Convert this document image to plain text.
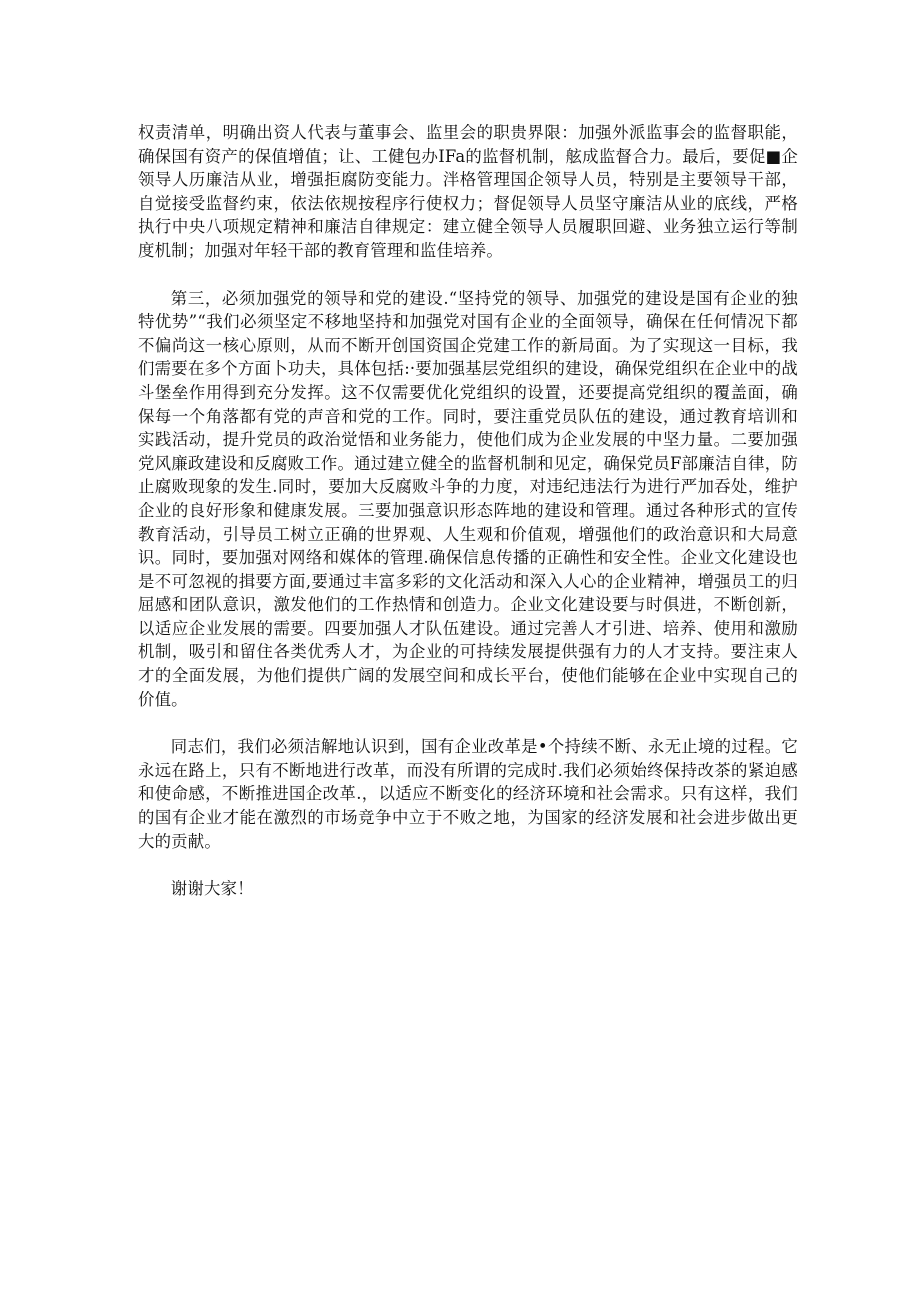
权责清单，明确出资人代表与董事会、监里会的职贵界限：加强外派监事会的监督职能，确保国有资产的保值增值；让、工健包办IFa的监督机制，舷成监督合力。最后，要促■企领导人历廉洁从业，增强拒腐防变能力。泮格管理国企领导人员，特别是主要领导干部，自觉接受监督约束，依法依规按程序行使权力；督促领导人员坚守廉洁从业的底线，严格执行中央八项规定精神和廉洁自律规定：建立健全领导人员履职回避、业务独立运行等制度机制；加强对年轻干部的教育管理和监佳培养。

第三，必须加强党的领导和党的建设.“坚持党的领导、加强党的建设是国有企业的独特优势”“我们必须坚定不移地坚持和加强党对国有企业的全面领导，确保在任何情况下都不偏尚这一核心原则，从而不断开创国资国企党建工作的新局面。为了实现这一目标，我们需要在多个方面卜功夫，具体包括:·要加强基层党组织的建设，确保党组织在企业中的战斗堡垒作用得到充分发挥。这不仅需要优化党组织的设置，还要提高党组织的覆盖面，确保每一个角落都有党的声音和党的工作。同时，要注重党员队伍的建设，通过教育培训和实践活动，提升党员的政治觉悟和业务能力，使他们成为企业发展的中坚力量。二要加强党风廉政建设和反腐败工作。通过建立健全的监督机制和见定，确保党员F部廉洁自律，防止腐败现象的发生.同时，要加大反腐败斗争的力度，对违纪违法行为进行严加吞处，维护企业的良好形象和健康发展。三要加强意识形态阵地的建设和管理。通过各种形式的宣传教育活动，引导员工树立正确的世界观、人生观和价值观，增强他们的政治意识和大局意识。同时，要加强对网络和媒体的管理.确保信息传播的正确性和安全性。企业文化建设也是不可忽视的揖要方面,要通过丰富多彩的文化活动和深入人心的企业精神，增强员工的归屈感和团队意识，激发他们的工作热情和创造力。企业文化建设要与时俱进，不断创新，以适应企业发展的需要。四要加强人才队伍建设。通过完善人才引进、培养、使用和激励机制，吸引和留住各类优秀人才，为企业的可持续发展提供强有力的人才支持。要注束人才的全面发展，为他们提供广阔的发展空间和成长平台，使他们能够在企业中实现自己的价值。

同志们，我们必须洁解地认识到，国有企业改革是•个持续不断、永无止境的过程。它永远在路上，只有不断地进行改革，而没有所谓的完成时.我们必须始终保持改茶的紧迫感和使命感，不断推进国企改革.，以适应不断变化的经济环境和社会需求。只有这样，我们的国有企业才能在激烈的市场竞争中立于不败之地，为国家的经济发展和社会进步做出更大的贡献。

谢谢大家！
